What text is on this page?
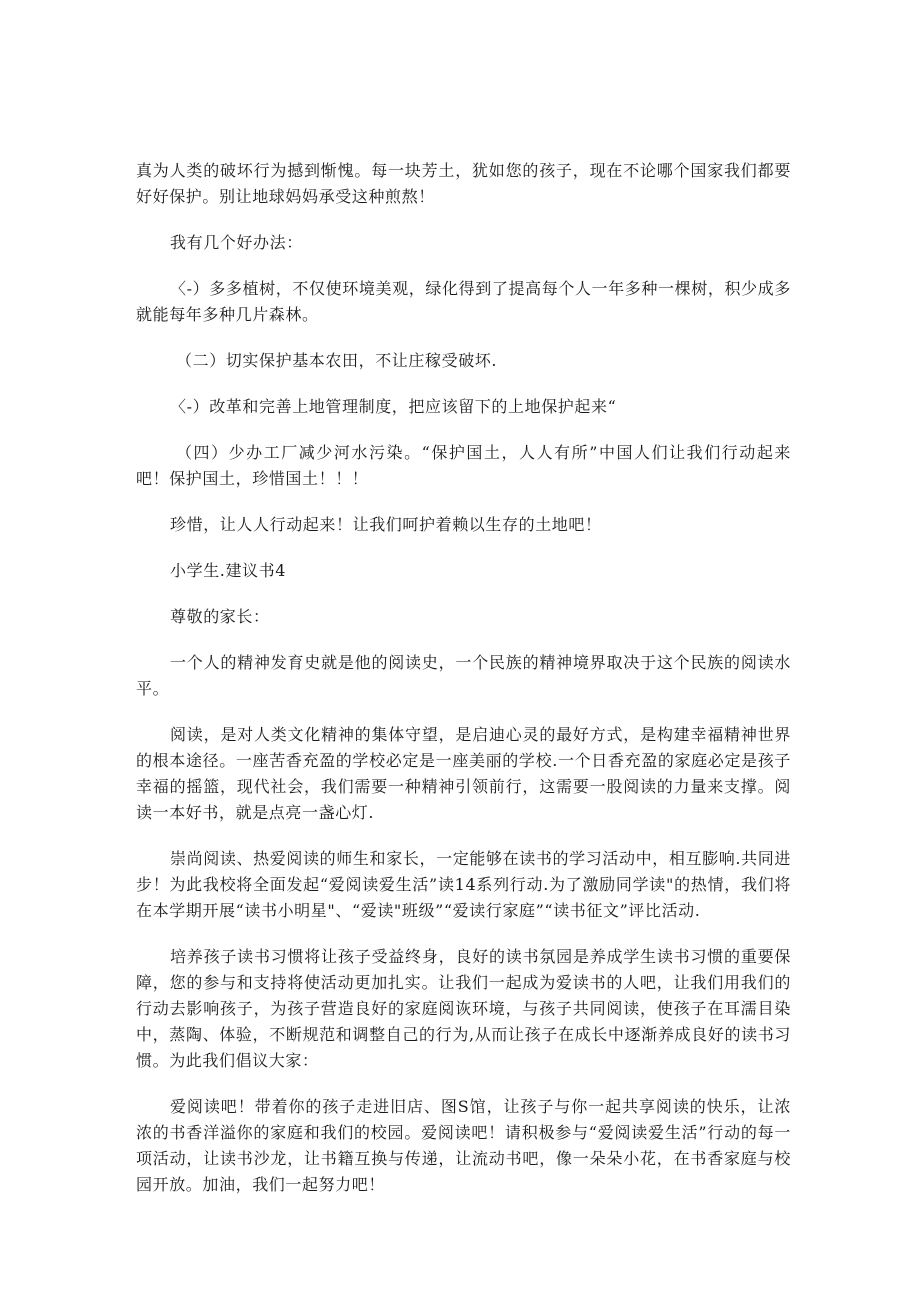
真为人类的破坏行为撼到惭愧。每一块芳土，犹如您的孩子，现在不论哪个国家我们都要好好保护。别让地球妈妈承受这种煎熬！

我有几个好办法：

〈-）多多植树，不仅使环境美观，绿化得到了提高每个人一年多种一棵树，积少成多就能每年多种几片森林。

（二）切实保护基本农田，不让庄稼受破坏.

〈-）改革和完善上地管理制度，把应该留下的上地保护起来“

（四）少办工厂减少河水污染。“保护国土，人人有所”中国人们让我们行动起来吧！保护国土，珍惜国土！！！

珍惜，让人人行动起来！让我们呵护着赖以生存的土地吧！

小学生.建议书4

尊敬的家长：

一个人的精神发育史就是他的阅读史，一个民族的精神境界取决于这个民族的阅读水平。

阅读，是对人类文化精神的集体守望，是启迪心灵的最好方式，是构建幸福精神世界的根本途径。一座苦香充盈的学校必定是一座美丽的学校.一个日香充盈的家庭必定是孩子幸福的摇篮，现代社会，我们需要一种精神引领前行，这需要一股阅读的力量来支撑。阅读一本好书，就是点亮一盏心灯.

崇尚阅读、热爱阅读的师生和家长，一定能够在读书的学习活动中，相互膨响.共同进步！为此我校将全面发起“爱阅读爱生活”读14系列行动.为了激励同学读"的热情，我们将在本学期开展“读书小明星"、“爱读"班级”“爱读行家庭”“读书征文”评比活动.

培养孩子读书习惯将让孩子受益终身，良好的读书氛园是养成学生读书习惯的重要保障，您的参与和支持将使活动更加扎实。让我们一起成为爱读书的人吧，让我们用我们的行动去影响孩子，为孩子营造良好的家庭阅诙环境，与孩子共同阅读，使孩子在耳濡目染中，蒸陶、体验，不断规范和调整自己的行为,从而让孩子在成长中逐渐养成良好的读书习惯。为此我们倡议大家：

爱阅读吧！带着你的孩子走进旧店、图S馆，让孩子与你一起共享阅读的快乐，让浓浓的书香洋溢你的家庭和我们的校园。爱阅读吧！请积极参与“爱阅读爱生活”行动的每一项活动，让读书沙龙，让书籍互换与传递，让流动书吧，像一朵朵小花，在书香家庭与校园开放。加油，我们一起努力吧！
